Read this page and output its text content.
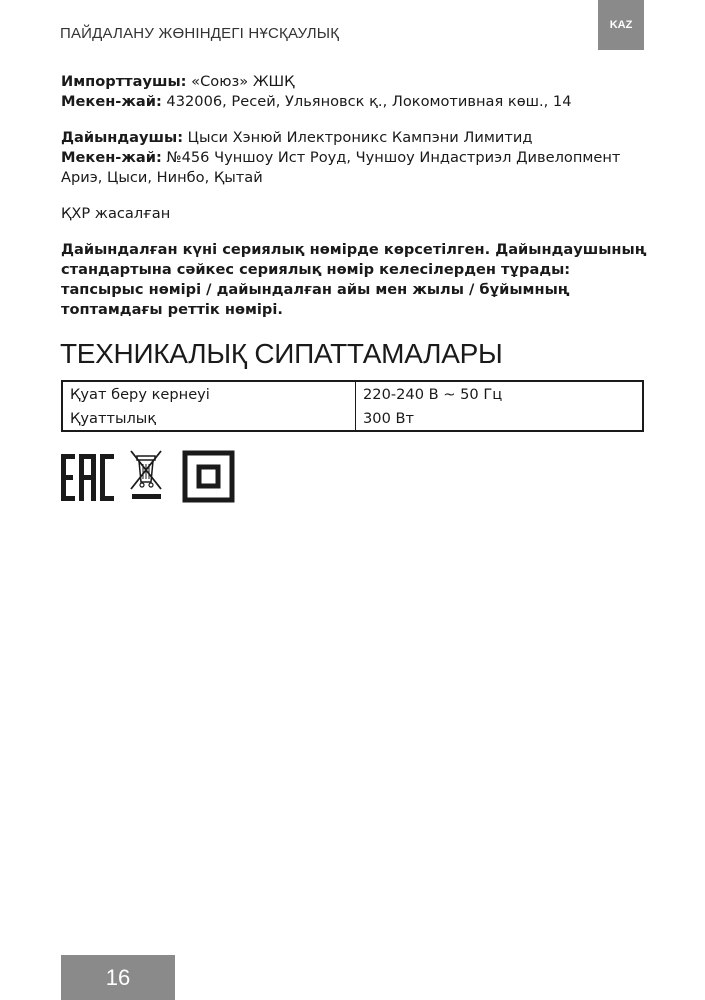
ПАЙДАЛАНУ ЖӨНІНДЕГІ НҰСҚАУЛЫҚ	KAZ

Импорттаушы: «Союз» ЖШҚ
Мекен-жай: 432006, Ресей, Ульяновск қ., Локомотивная көш., 14

Дайындаушы: Цыси Хэнюй Илектроникс Кампэни Лимитид
Мекен-жай: №456 Чуншоу Ист Роуд, Чуншоу Индастриэл Дивелопмент Ариэ, Цыси, Нинбо, Қытай

ҚХР жасалған

Дайындалған күні сериялық нөмірде көрсетілген. Дайындаушының стандартына сәйкес сериялық нөмір келесілерден тұрады: тапсырыс нөмірі / дайындалған айы мен жылы / бұйымның топтамдағы реттік нөмірі.

ТЕХНИКАЛЫҚ СИПАТТАМАЛАРЫ
Қуат беру кернеуі	220-240 В ~ 50 Гц
Қуаттылық	300 Вт
16
